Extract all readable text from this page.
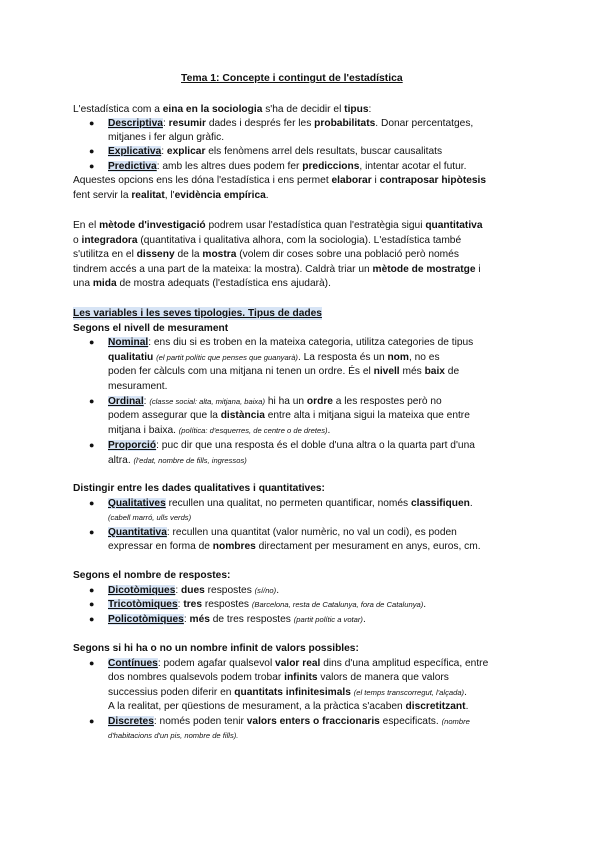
Tema 1: Concepte i contingut de l'estadística
L'estadística com a eina en la sociologia s'ha de decidir el tipus:
● Descriptiva: resumir dades i després fer les probabilitats. Donar percentatges,
mitjanes i fer algun gràfic.
● Explicativa: explicar els fenòmens arrel dels resultats, buscar causalitats
● Predictiva: amb les altres dues podem fer prediccions, intentar acotar el futur.
Aquestes opcions ens les dóna l'estadística i ens permet elaborar i contraposar hipòtesis
fent servir la realitat, l'evidència empírica.
En el mètode d'investigació podrem usar l'estadística quan l'estratègia sigui quantitativa
o integradora (quantitativa i qualitativa alhora, com la sociologia). L'estadística també
s'utilitza en el disseny de la mostra (volem dir coses sobre una població però només
tindrem accés a una part de la mateixa: la mostra). Caldrà triar un mètode de mostratge i
una mida de mostra adequats (l'estadística ens ajudarà).
Les variables i les seves tipologies. Tipus de dades
Segons el nivell de mesurament
● Nominal: ens diu si es troben en la mateixa categoria, utilitza categories de tipus
qualitatiu (el partit polític que penses que guanyarà). La resposta és un nom, no es
poden fer càlculs com una mitjana ni tenen un ordre. És el nivell més baix de
mesurament.
● Ordinal: (classe social: alta, mitjana, baixa) hi ha un ordre a les respostes però no
podem assegurar que la distància entre alta i mitjana sigui la mateixa que entre
mitjana i baixa. (política: d'esquerres, de centre o de dretes).
● Proporció: puc dir que una resposta és el doble d'una altra o la quarta part d'una
altra. (l'edat, nombre de fills, ingressos)
Distingir entre les dades qualitatives i quantitatives:
● Qualitatives recullen una qualitat, no permeten quantificar, només classifiquen.
(cabell marró, ulls verds)
● Quantitativa: recullen una quantitat (valor numèric, no val un codi), es poden
expressar en forma de nombres directament per mesurament en anys, euros, cm.
Segons el nombre de respostes:
● Dicotòmiques: dues respostes (sí/no).
● Tricotòmiques: tres respostes (Barcelona, resta de Catalunya, fora de Catalunya).
● Policotòmiques: més de tres respostes (partit polític a votar).
Segons si hi ha o no un nombre infinit de valors possibles:
● Contínues: podem agafar qualsevol valor real dins d'una amplitud específica, entre
dos nombres qualsevols podem trobar infinits valors de manera que valors
successius poden diferir en quantitats infinitesimals (el temps transcorregut, l'alçada).
A la realitat, per qüestions de mesurament, a la pràctica s'acaben discretitzant.
● Discretes: només poden tenir valors enters o fraccionaris especificats. (nombre
d'habitacions d'un pis, nombre de fills).
